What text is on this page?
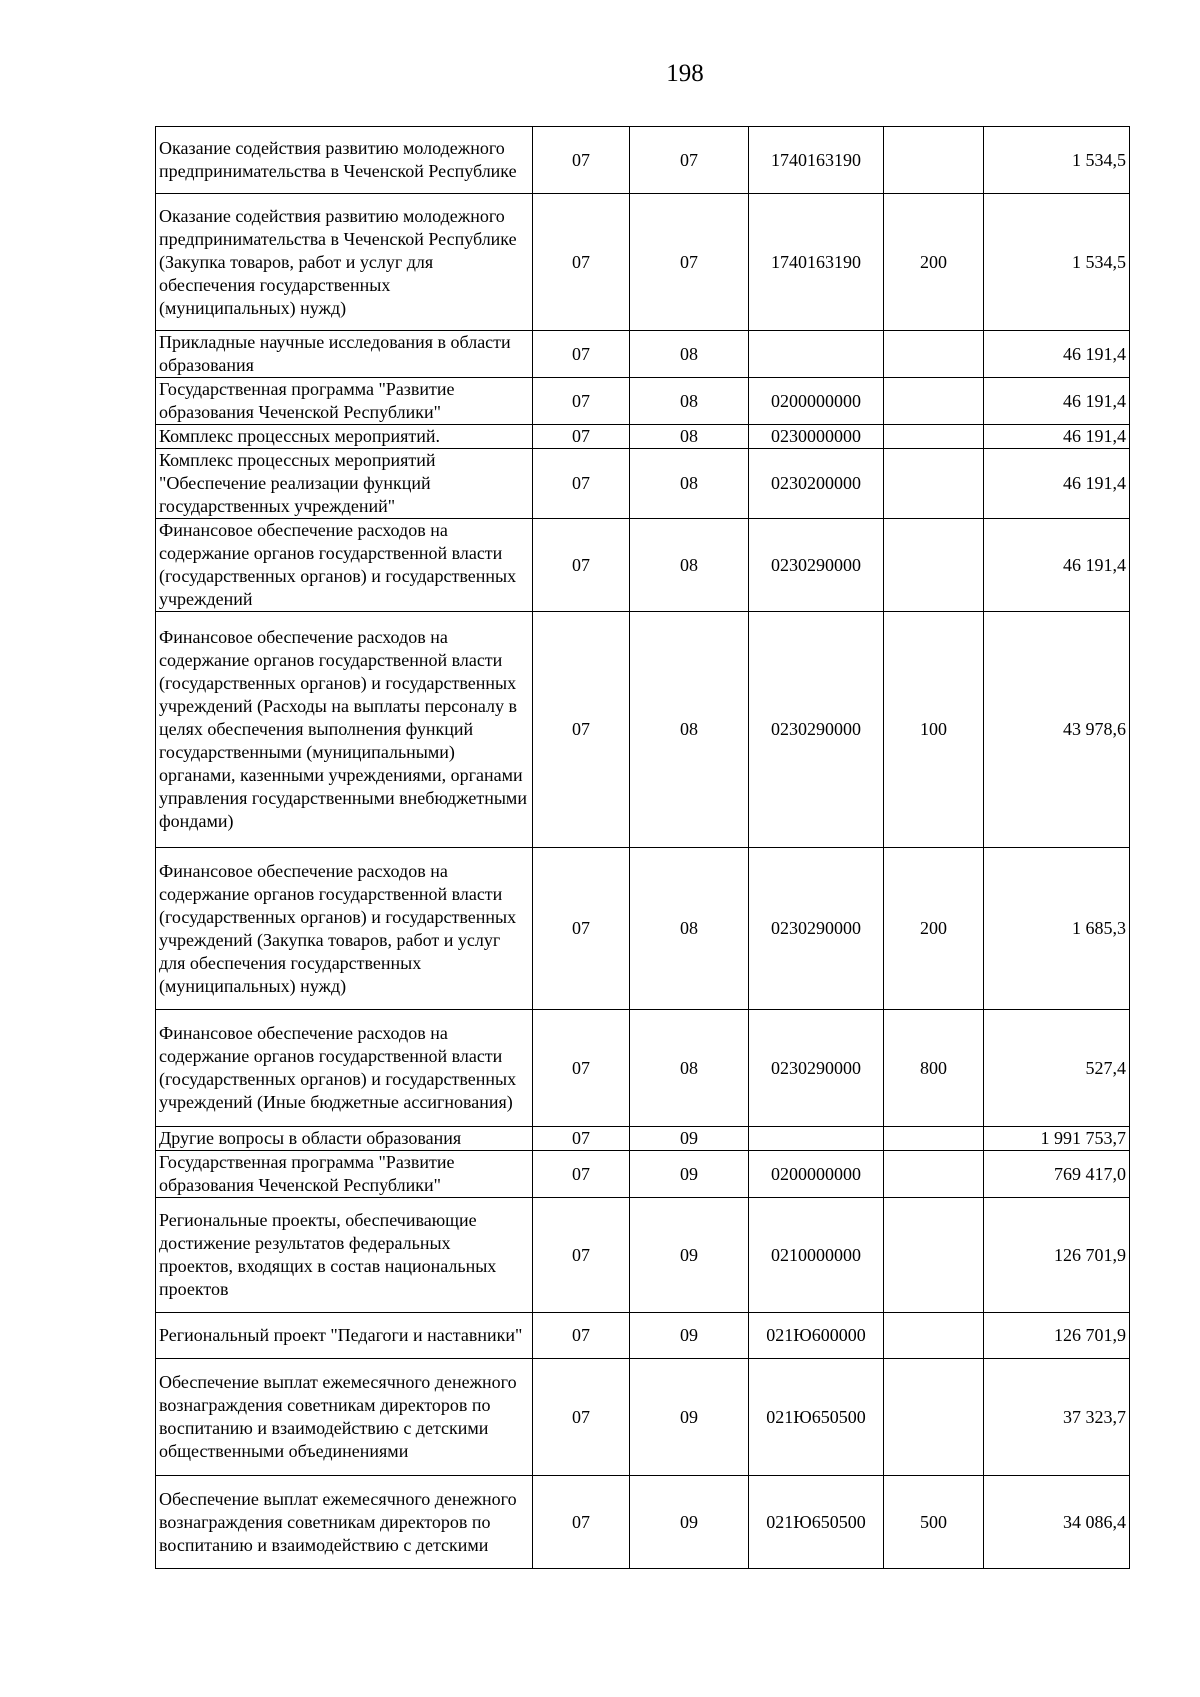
198
Оказание содействия развитию молодежного предпринимательства в Чеченской Республике	07	07	1740163190		1 534,5
Оказание содействия развитию молодежного предпринимательства в Чеченской Республике (Закупка товаров, работ и услуг для обеспечения государственных (муниципальных) нужд)	07	07	1740163190	200	1 534,5
Прикладные научные исследования в области образования	07	08			46 191,4
Государственная программа "Развитие образования Чеченской Республики"	07	08	0200000000		46 191,4
Комплекс процессных мероприятий.	07	08	0230000000		46 191,4
Комплекс процессных мероприятий "Обеспечение реализации функций государственных учреждений"	07	08	0230200000		46 191,4
Финансовое обеспечение расходов на содержание органов государственной власти (государственных органов) и государственных учреждений	07	08	0230290000		46 191,4
Финансовое обеспечение расходов на содержание органов государственной власти (государственных органов) и государственных учреждений (Расходы на выплаты персоналу в целях обеспечения выполнения функций государственными (муниципальными) органами, казенными учреждениями, органами управления государственными внебюджетными фондами)	07	08	0230290000	100	43 978,6
Финансовое обеспечение расходов на содержание органов государственной власти (государственных органов) и государственных учреждений (Закупка товаров, работ и услуг для обеспечения государственных (муниципальных) нужд)	07	08	0230290000	200	1 685,3
Финансовое обеспечение расходов на содержание органов государственной власти (государственных органов) и государственных учреждений (Иные бюджетные ассигнования)	07	08	0230290000	800	527,4
Другие вопросы в области образования	07	09			1 991 753,7
Государственная программа "Развитие образования Чеченской Республики"	07	09	0200000000		769 417,0
Региональные проекты, обеспечивающие достижение результатов федеральных проектов, входящих в состав национальных проектов	07	09	0210000000		126 701,9
Региональный проект "Педагоги и наставники"	07	09	021Ю600000		126 701,9
Обеспечение выплат ежемесячного денежного вознаграждения советникам директоров по воспитанию и взаимодействию с детскими общественными объединениями	07	09	021Ю650500		37 323,7
Обеспечение выплат ежемесячного денежного вознаграждения советникам директоров по воспитанию и взаимодействию с детскими	07	09	021Ю650500	500	34 086,4
